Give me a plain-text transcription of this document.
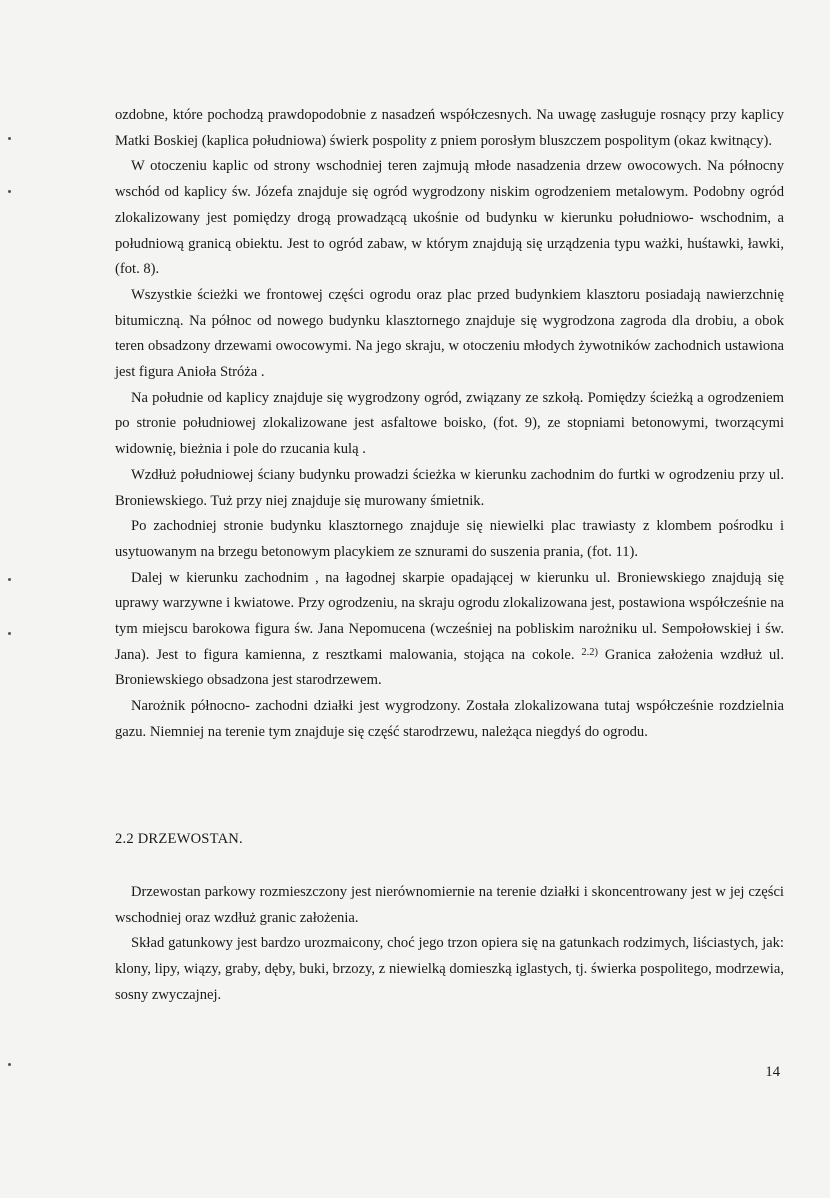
ozdobne, które pochodzą prawdopodobnie z nasadzeń współczesnych. Na uwagę zasługuje rosnący przy kaplicy Matki Boskiej (kaplica południowa) świerk pospolity z pniem porosłym bluszczem pospolitym (okaz kwitnący).

W otoczeniu kaplic od strony wschodniej teren zajmują młode nasadzenia drzew owocowych. Na północny wschód od kaplicy św. Józefa znajduje się ogród wygrodzony niskim ogrodzeniem metalowym. Podobny ogród zlokalizowany jest pomiędzy drogą prowadzącą ukośnie od budynku w kierunku południowo- wschodnim, a południową granicą obiektu. Jest to ogród zabaw, w którym znajdują się urządzenia typu ważki, huśtawki, ławki, (fot. 8).

Wszystkie ścieżki we frontowej części ogrodu oraz plac przed budynkiem klasztoru posiadają nawierzchnię bitumiczną. Na północ od nowego budynku klasztornego znajduje się wygrodzona zagroda dla drobiu, a obok teren obsadzony drzewami owocowymi. Na jego skraju, w otoczeniu młodych żywotników zachodnich ustawiona jest figura Anioła Stróża .

Na południe od kaplicy znajduje się wygrodzony ogród, związany ze szkołą. Pomiędzy ścieżką a ogrodzeniem po stronie południowej zlokalizowane jest asfaltowe boisko, (fot. 9), ze stopniami betonowymi, tworzącymi widownię, bieżnia i pole do rzucania kulą .

Wzdłuż południowej ściany budynku prowadzi ścieżka w kierunku zachodnim do furtki w ogrodzeniu przy ul. Broniewskiego. Tuż przy niej znajduje się murowany śmietnik.

Po zachodniej stronie budynku klasztornego znajduje się niewielki plac trawiasty z klombem pośrodku i usytuowanym na brzegu betonowym placykiem ze sznurami do suszenia prania, (fot. 11).

Dalej w kierunku zachodnim , na łagodnej skarpie opadającej w kierunku ul. Broniewskiego znajdują się uprawy warzywne i kwiatowe. Przy ogrodzeniu, na skraju ogrodu zlokalizowana jest, postawiona współcześnie na tym miejscu barokowa figura św. Jana Nepomucena (wcześniej na pobliskim narożniku ul. Sempołowskiej i św. Jana). Jest to figura kamienna, z resztkami malowania, stojąca na cokole. $^{2.2)}$ Granica założenia wzdłuż ul. Broniewskiego obsadzona jest starodrzewem.

Narożnik północno- zachodni działki jest wygrodzony. Została zlokalizowana tutaj współcześnie rozdzielnia gazu. Niemniej na terenie tym znajduje się część starodrzewu, należąca niegdyś do ogrodu.

2.2 DRZEWOSTAN.

Drzewostan parkowy rozmieszczony jest nierównomiernie na terenie działki i skoncentrowany jest w jej części wschodniej oraz wzdłuż granic założenia.

Skład gatunkowy jest bardzo urozmaicony, choć jego trzon opiera się na gatunkach rodzimych, liściastych, jak: klony, lipy, wiązy, graby, dęby, buki, brzozy, z niewielką domieszką iglastych, tj. świerka pospolitego, modrzewia, sosny zwyczajnej.

14
